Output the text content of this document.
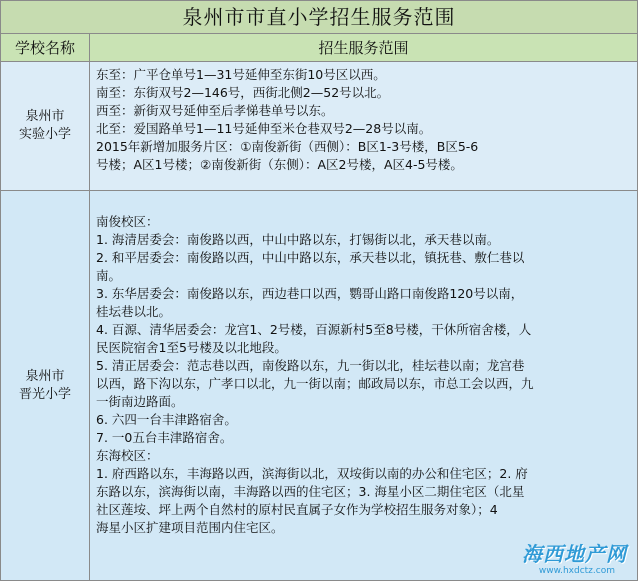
泉州市市直小学招生服务范围
学校名称	招生服务范围
泉州市
实验小学
东至：广平仓单号1—31号延伸至东街10号区以西。
南至：东街双号2—146号，西街北侧2—52号以北。
西至：新街双号延伸至后孝悌巷单号以东。
北至：爱国路单号1—11号延伸至米仓巷双号2—28号以南。
2015年新增加服务片区：①南俊新街（西侧）：B区1-3号楼，B区5-6
号楼；A区1号楼；②南俊新街（东侧）：A区2号楼，A区4-5号楼。
泉州市
晋光小学
南俊校区：
1. 海清居委会：南俊路以西，中山中路以东，打锡街以北，承天巷以南。
2. 和平居委会：南俊路以西，中山中路以东，承天巷以北，镇抚巷、敷仁巷以
南。
3. 东华居委会：南俊路以东，西边巷口以西，鹦哥山路口南俊路120号以南，
桂坛巷以北。
4. 百源、清华居委会：龙宫1、2号楼，百源新村5至8号楼，干休所宿舍楼，人
民医院宿舍1至5号楼及以北地段。
5. 清正居委会：范志巷以西，南俊路以东，九一街以北，桂坛巷以南；龙宫巷
以西，路下沟以东，广孝口以北，九一街以南；邮政局以东，市总工会以西，九
一街南边路面。
6. 六四一台丰津路宿舍。
7. 一0五台丰津路宿舍。
东海校区：
1. 府西路以东，丰海路以西，滨海街以北，双垵街以南的办公和住宅区；2. 府
东路以东，滨海街以南，丰海路以西的住宅区；3. 海星小区二期住宅区（北星
社区莲垵、坪上两个自然村的原村民直属子女作为学校招生服务对象）；4
海星小区扩建项目范围内住宅区。
海西地产网
www.hxdctz.com
